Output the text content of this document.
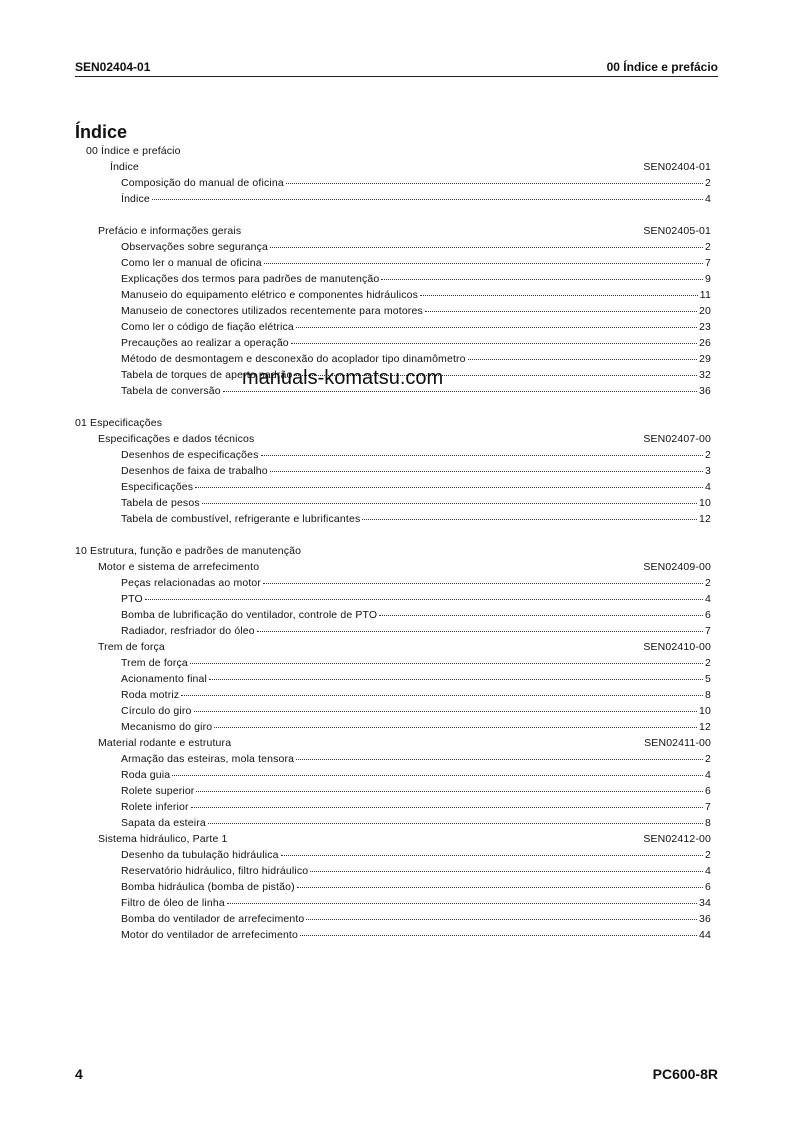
SEN02404-01	00 Índice e prefácio
Índice
00 Índice e prefácio
Índice	SEN02404-01
Composição do manual de oficina	2
Índice	4
Prefácio e informações gerais	SEN02405-01
Observações sobre segurança	2
Como ler o manual de oficina	7
Explicações dos termos para padrões de manutenção	9
Manuseio do equipamento elétrico e componentes hidráulicos	11
Manuseio de conectores utilizados recentemente para motores	20
Como ler o código de fiação elétrica	23
Precauções ao realizar a operação	26
Método de desmontagem e desconexão do acoplador tipo dinamômetro	29
Tabela de torques de aperto padrão	32
Tabela de conversão	36
01 Especificações
Especificações e dados técnicos	SEN02407-00
Desenhos de especificações	2
Desenhos de faixa de trabalho	3
Especificações	4
Tabela de pesos	10
Tabela de combustível, refrigerante e lubrificantes	12
10 Estrutura, função e padrões de manutenção
Motor e sistema de arrefecimento	SEN02409-00
Peças relacionadas ao motor	2
PTO	4
Bomba de lubrificação do ventilador, controle de PTO	6
Radiador, resfriador do óleo	7
Trem de força	SEN02410-00
Trem de força	2
Acionamento final	5
Roda motriz	8
Círculo do giro	10
Mecanismo do giro	12
Material rodante e estrutura	SEN02411-00
Armação das esteiras, mola tensora	2
Roda guia	4
Rolete superior	6
Rolete inferior	7
Sapata da esteira	8
Sistema hidráulico, Parte 1	SEN02412-00
Desenho da tubulação hidráulica	2
Reservatório hidráulico, filtro hidráulico	4
Bomba hidráulica (bomba de pistão)	6
Filtro de óleo de linha	34
Bomba do ventilador de arrefecimento	36
Motor do ventilador de arrefecimento	44
manuals-komatsu.com
4	PC600-8R
